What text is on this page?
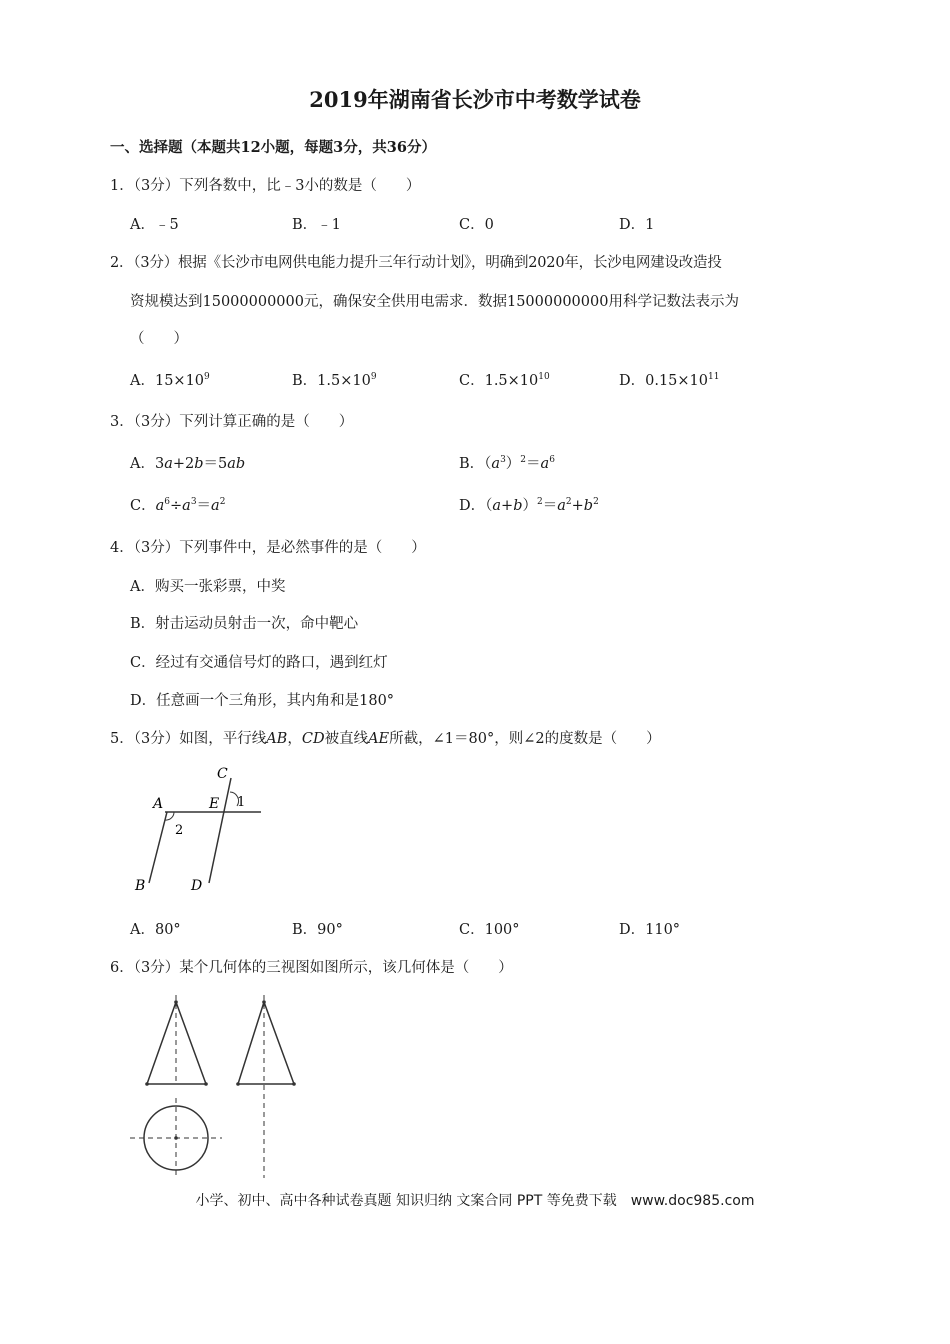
2019年湖南省长沙市中考数学试卷
一、选择题（本题共12小题，每题3分，共36分）
1．（3分）下列各数中，比﹣3小的数是（　　）
A．﹣5	B．﹣1	C．0	D．1
2．（3分）根据《长沙市电网供电能力提升三年行动计划》，明确到2020年，长沙电网建设改造投
资规模达到15000000000元，确保安全供用电需求．数据15000000000用科学记数法表示为
（　　）
A．$15\times 10^9$	B．$1.5\times 10^9$	C．$1.5\times 10^{10}$	D．$0.15\times 10^{11}$
3．（3分）下列计算正确的是（　　）
A．3a+2b＝5ab	B．$(a^3)^2=a^6$
C．$a^6\div a^3=a^2$	D．$(a+b)^2=a^2+b^2$
4．（3分）下列事件中，是必然事件的是（　　）
A．购买一张彩票，中奖
B．射击运动员射击一次，命中靶心
C．经过有交通信号灯的路口，遇到红灯
D．任意画一个三角形，其内角和是180°
5．（3分）如图，平行线AB，CD被直线AE所截，∠1＝80°，则∠2的度数是（　　）
A
B
C
D
E 1
2
A．80°	B．90°	C．100°	D．110°
6．（3分）某个几何体的三视图如图所示，该几何体是（　　）
小学、初中、高中各种试卷真题 知识归纳 文案合同 PPT 等免费下载　www.doc985.com
